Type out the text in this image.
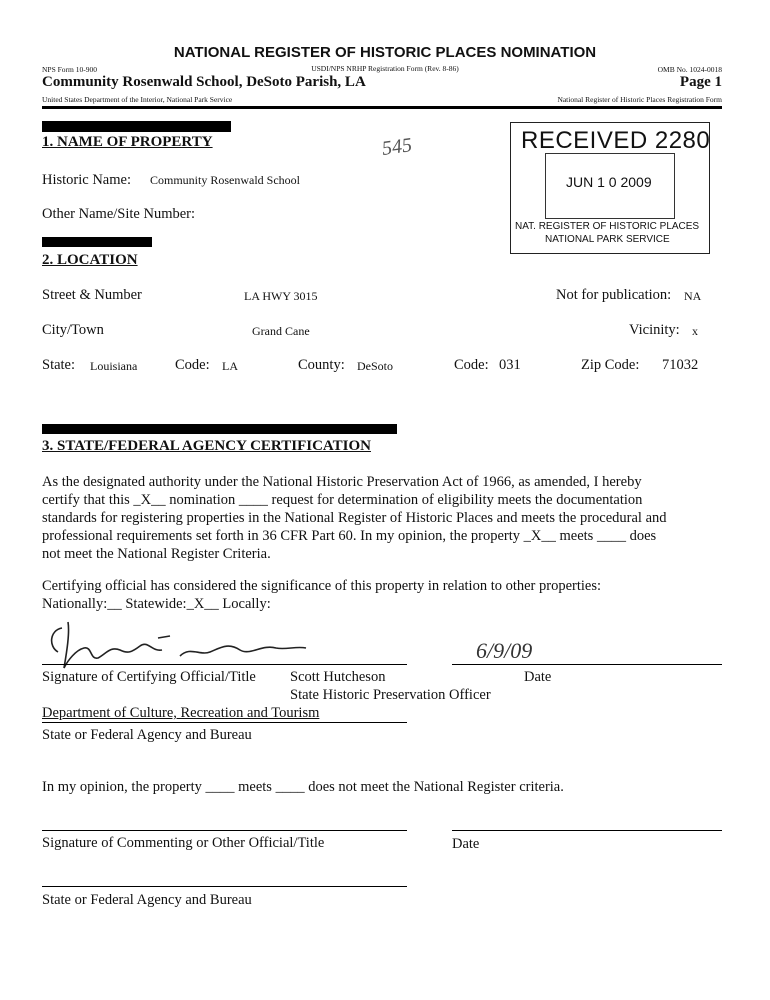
NATIONAL REGISTER OF HISTORIC PLACES NOMINATION
NPS Form 10-900	USDI/NPS NRHP Registration Form (Rev. 8-86)	OMB No. 1024-0018
Community Rosenwald School, DeSoto Parish, LA	Page 1
United States Department of the Interior, National Park Service	National Register of Historic Places Registration Form
RECEIVED 2280
JUN 1 0 2009
NAT. REGISTER OF HISTORIC PLACES
NATIONAL PARK SERVICE
545
1. NAME OF PROPERTY
Historic Name: Community Rosenwald School
Other Name/Site Number:
2. LOCATION
Street & Number	LA HWY 3015	Not for publication: NA
City/Town	Grand Cane	Vicinity: x
State: Louisiana	Code: LA	County: DeSoto	Code: 031	Zip Code: 71032
3. STATE/FEDERAL AGENCY CERTIFICATION
As the designated authority under the National Historic Preservation Act of 1966, as amended, I hereby
certify that this _X__ nomination ____ request for determination of eligibility meets the documentation
standards for registering properties in the National Register of Historic Places and meets the procedural and
professional requirements set forth in 36 CFR Part 60. In my opinion, the property _X__ meets ____ does
not meet the National Register Criteria.
Certifying official has considered the significance of this property in relation to other properties:
Nationally:__ Statewide:_X__ Locally:
6/9/09
Signature of Certifying Official/Title Scott Hutcheson
State Historic Preservation Officer
Date
Department of Culture, Recreation and Tourism
State or Federal Agency and Bureau
In my opinion, the property ____ meets ____ does not meet the National Register criteria.
Signature of Commenting or Other Official/Title	Date
State or Federal Agency and Bureau
